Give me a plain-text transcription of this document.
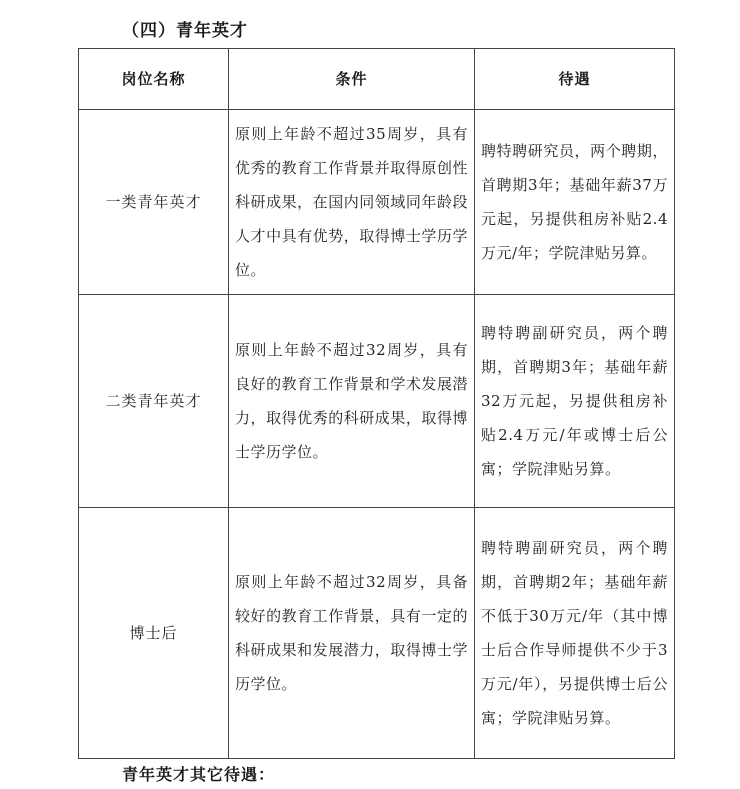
（四）青年英才
岗位名称	条件	待遇
一类青年英才	原则上年龄不超过35周岁，具有优秀的教育工作背景并取得原创性科研成果，在国内同领域同年龄段人才中具有优势，取得博士学历学位。	聘特聘研究员，两个聘期，首聘期3年；基础年薪37万元起，另提供租房补贴2.4万元/年；学院津贴另算。
二类青年英才	原则上年龄不超过32周岁，具有良好的教育工作背景和学术发展潜力，取得优秀的科研成果，取得博士学历学位。	聘特聘副研究员，两个聘期，首聘期3年；基础年薪32万元起，另提供租房补贴2.4万元/年或博士后公寓；学院津贴另算。
博士后	原则上年龄不超过32周岁，具备较好的教育工作背景，具有一定的科研成果和发展潜力，取得博士学历学位。	聘特聘副研究员，两个聘期，首聘期2年；基础年薪不低于30万元/年（其中博士后合作导师提供不少于3万元/年），另提供博士后公寓；学院津贴另算。
青年英才其它待遇：
